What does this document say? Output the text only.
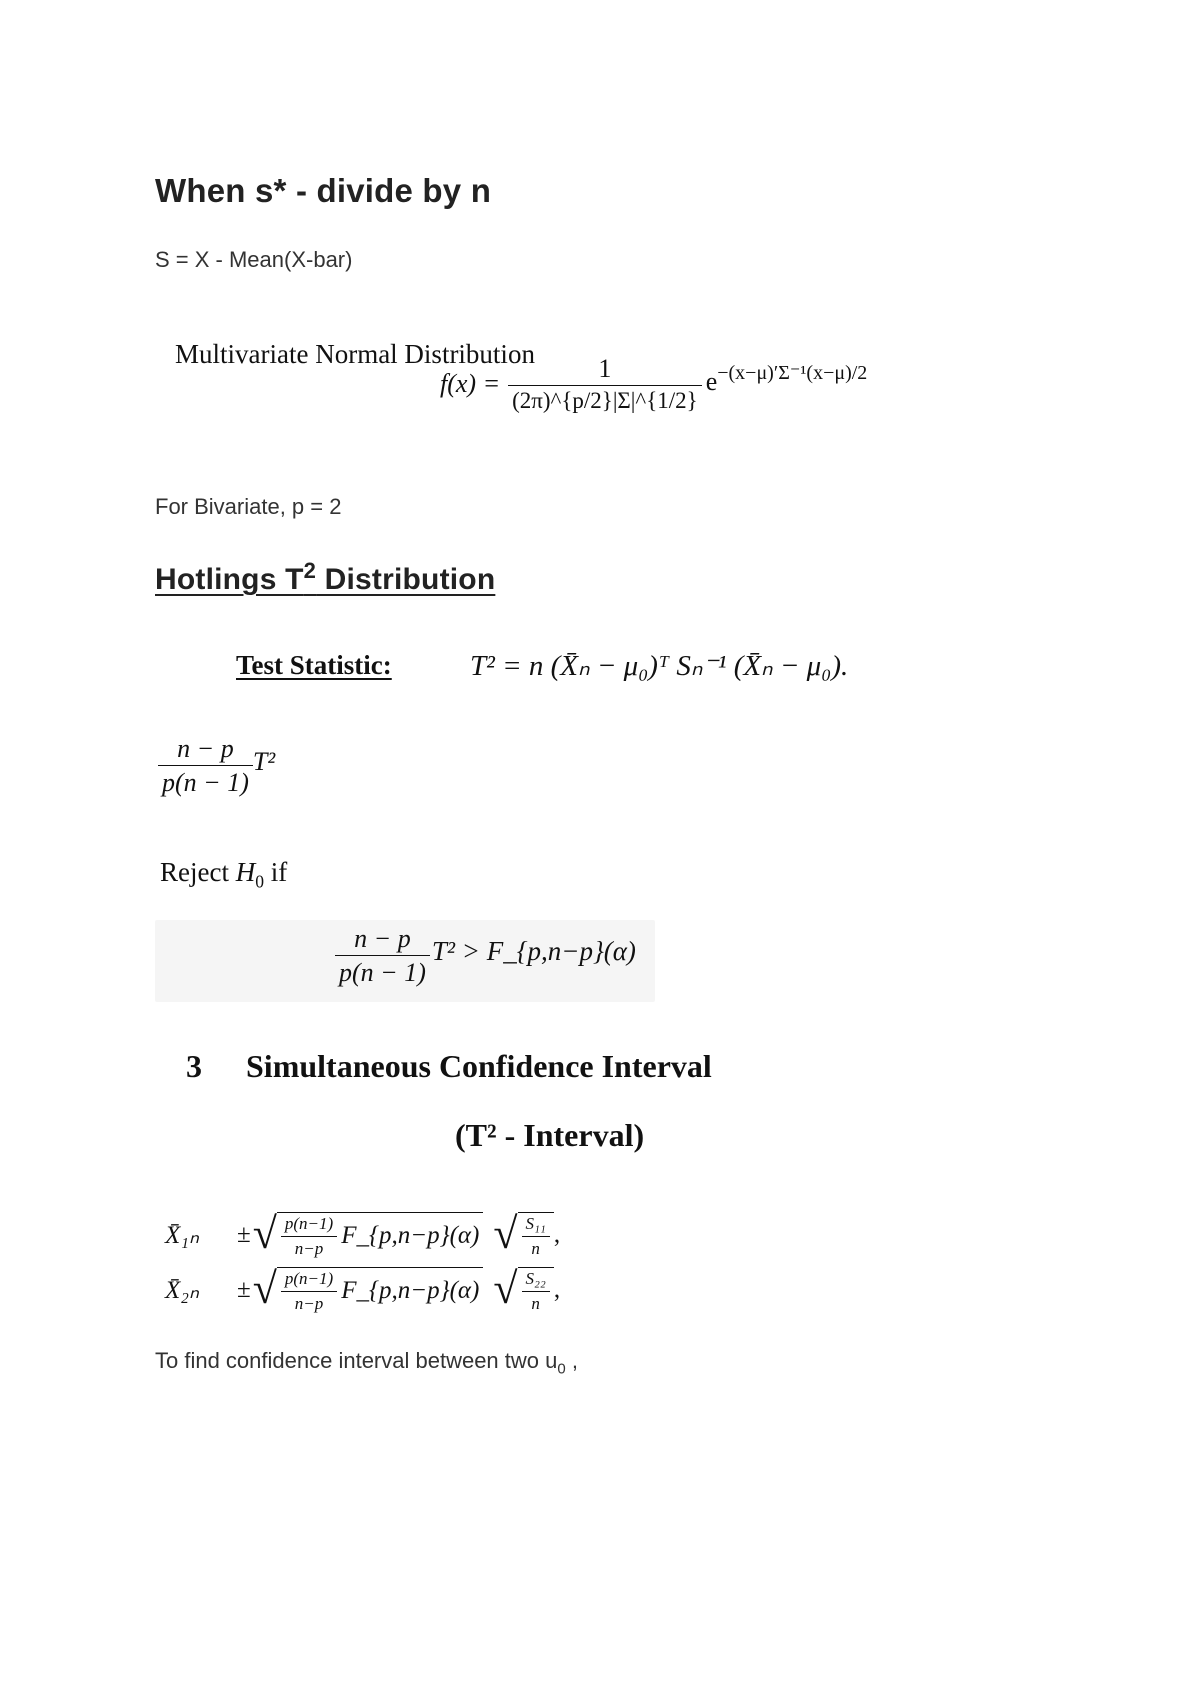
When s* - divide by n
S = X - Mean(X-bar)
Multivariate Normal Distribution
$f(x) = \frac{1}{(2\pi)\^{}\{p/2\}|\Sigma|\^{}\{1/2\}}$ e −(x−μ)′Σ⁻¹(x−μ)/2
For Bivariate, p = 2
Hotlings $T^2$ Distribution
Test Statistic:	T² = n (X̄ₙ − μ₀)ᵀ Sₙ⁻¹ (X̄ₙ − μ₀).
$\frac{n - p}{p(n - 1)} T^2$
Reject $H_0$ if
$\frac{n - p}{p(n - 1)} T^2$ > F_{p,n−p}(α)
3 Simultaneous Confidence Interval
(T² - Interval)
X̄₁ₙ	± √ $\frac{p(n-1)}{n-p}$ F_{p,n−p}(α) √ $\frac{\text{S₁₁}}{n}$ ,
X̄₂ₙ	± √ $\frac{p(n-1)}{n-p}$ F_{p,n−p}(α) √ $\frac{\text{S₂₂}}{n}$ ,
To find confidence interval between two $u_0$ ,
